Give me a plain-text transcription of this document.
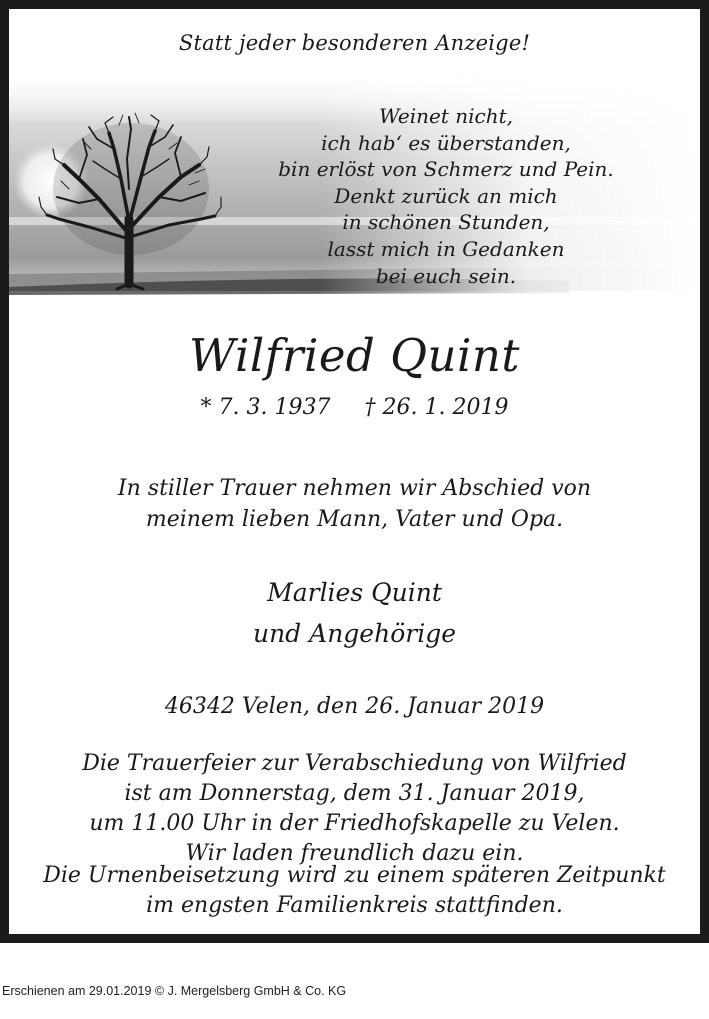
Statt jeder besonderen Anzeige!
Weinet nicht,
ich hab‘ es überstanden,
bin erlöst von Schmerz und Pein.
Denkt zurück an mich
in schönen Stunden,
lasst mich in Gedanken
bei euch sein.
Wilfried Quint
* 7. 3. 1937 † 26. 1. 2019
In stiller Trauer nehmen wir Abschied von
meinem lieben Mann, Vater und Opa.
Marlies Quint
und Angehörige
46342 Velen, den 26. Januar 2019
Die Trauerfeier zur Verabschiedung von Wilfried
ist am Donnerstag, dem 31. Januar 2019,
um 11.00 Uhr in der Friedhofskapelle zu Velen.
Wir laden freundlich dazu ein.
Die Urnenbeisetzung wird zu einem späteren Zeitpunkt
im engsten Familienkreis stattfinden.
Erschienen am 29.01.2019 © J. Mergelsberg GmbH & Co. KG
